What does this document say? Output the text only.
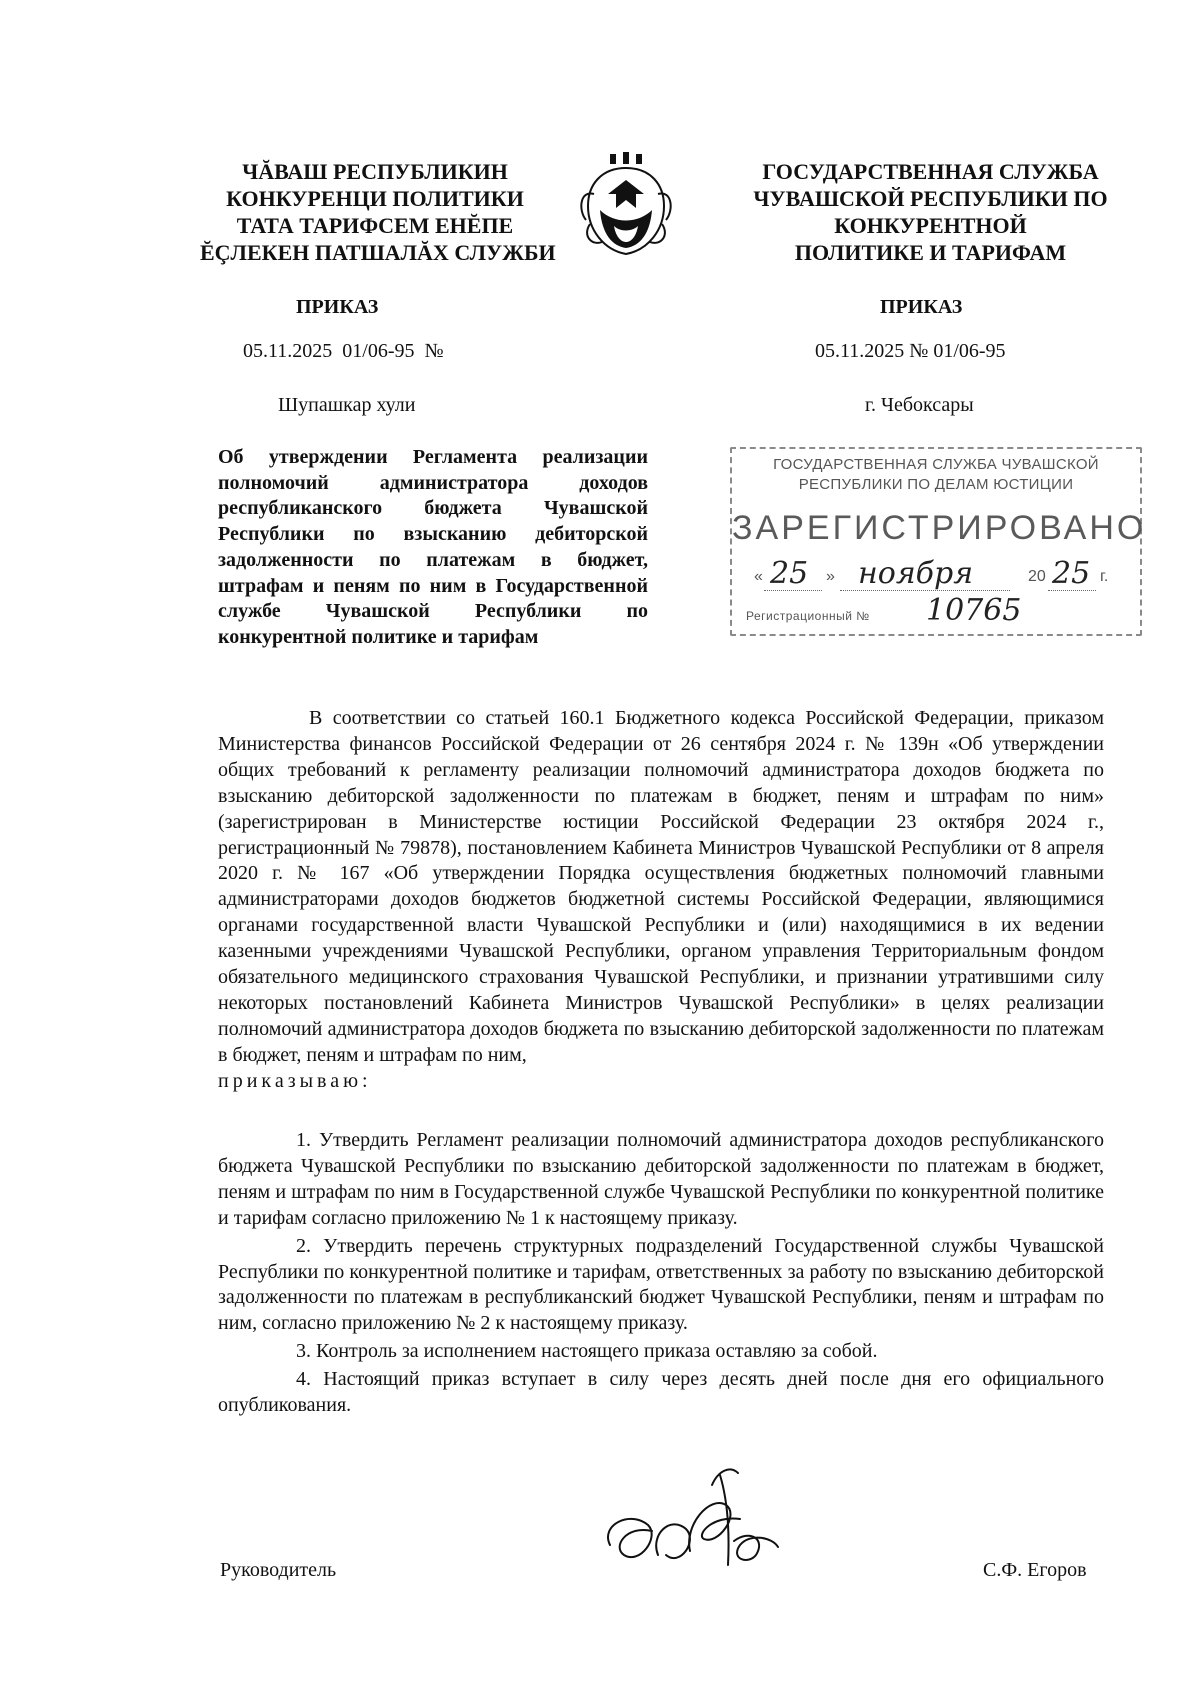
ЧĂВАШ РЕСПУБЛИКИН
КОНКУРЕНЦИ ПОЛИТИКИ
ТАТА ТАРИФСЕМ ЕНĔПЕ
ĔÇЛЕКЕН ПАТШАЛĂХ СЛУЖБИ
ГОСУДАРСТВЕННАЯ СЛУЖБА
ЧУВАШСКОЙ РЕСПУБЛИКИ ПО
КОНКУРЕНТНОЙ
ПОЛИТИКЕ И ТАРИФАМ
ПРИКАЗ	ПРИКАЗ
05.11.2025  01/06-95  №	05.11.2025 № 01/06-95
Шупашкар хули	г. Чебоксары
Об утверждении Регламента реализации полномочий администратора доходов республиканского бюджета Чувашской Республики по взысканию дебиторской задолженности по платежам в бюджет, штрафам и пеням по ним в Государственной службе Чувашской Республики по конкурентной политике и тарифам
ГОСУДАРСТВЕННАЯ СЛУЖБА ЧУВАШСКОЙ
РЕСПУБЛИКИ ПО ДЕЛАМ ЮСТИЦИИ
ЗАРЕГИСТРИРОВАНО
« 25 » ноября	20 25 г.
Регистрационный № 10765

В соответствии со статьей 160.1 Бюджетного кодекса Российской Федерации, приказом Министерства финансов Российской Федерации от 26 сентября 2024 г. № 139н «Об утверждении общих требований к регламенту реализации полномочий администратора доходов бюджета по взысканию дебиторской задолженности по платежам в бюджет, пеням и штрафам по ним» (зарегистрирован в Министерстве юстиции Российской Федерации 23 октября 2024 г., регистрационный № 79878), постановлением Кабинета Министров Чувашской Республики от 8 апреля 2020 г. № 167 «Об утверждении Порядка осуществления бюджетных полномочий главными администраторами доходов бюджетов бюджетной системы Российской Федерации, являющимися органами государственной власти Чувашской Республики и (или) находящимися в их ведении казенными учреждениями Чувашской Республики, органом управления Территориальным фондом обязательного медицинского страхования Чувашской Республики, и признании утратившими силу некоторых постановлений Кабинета Министров Чувашской Республики» в целях реализации полномочий администратора доходов бюджета по взысканию дебиторской задолженности по платежам в бюджет, пеням и штрафам по ним,

приказываю:

1. Утвердить Регламент реализации полномочий администратора доходов республиканского бюджета Чувашской Республики по взысканию дебиторской задолженности по платежам в бюджет, пеням и штрафам по ним в Государственной службе Чувашской Республики по конкурентной политике и тарифам согласно приложению № 1 к настоящему приказу.

2. Утвердить перечень структурных подразделений Государственной службы Чувашской Республики по конкурентной политике и тарифам, ответственных за работу по взысканию дебиторской задолженности по платежам в республиканский бюджет Чувашской Республики, пеням и штрафам по ним, согласно приложению № 2 к настоящему приказу.

3. Контроль за исполнением настоящего приказа оставляю за собой.

4. Настоящий приказ вступает в силу через десять дней после дня его официального опубликования.

Руководитель	С.Ф. Егоров
